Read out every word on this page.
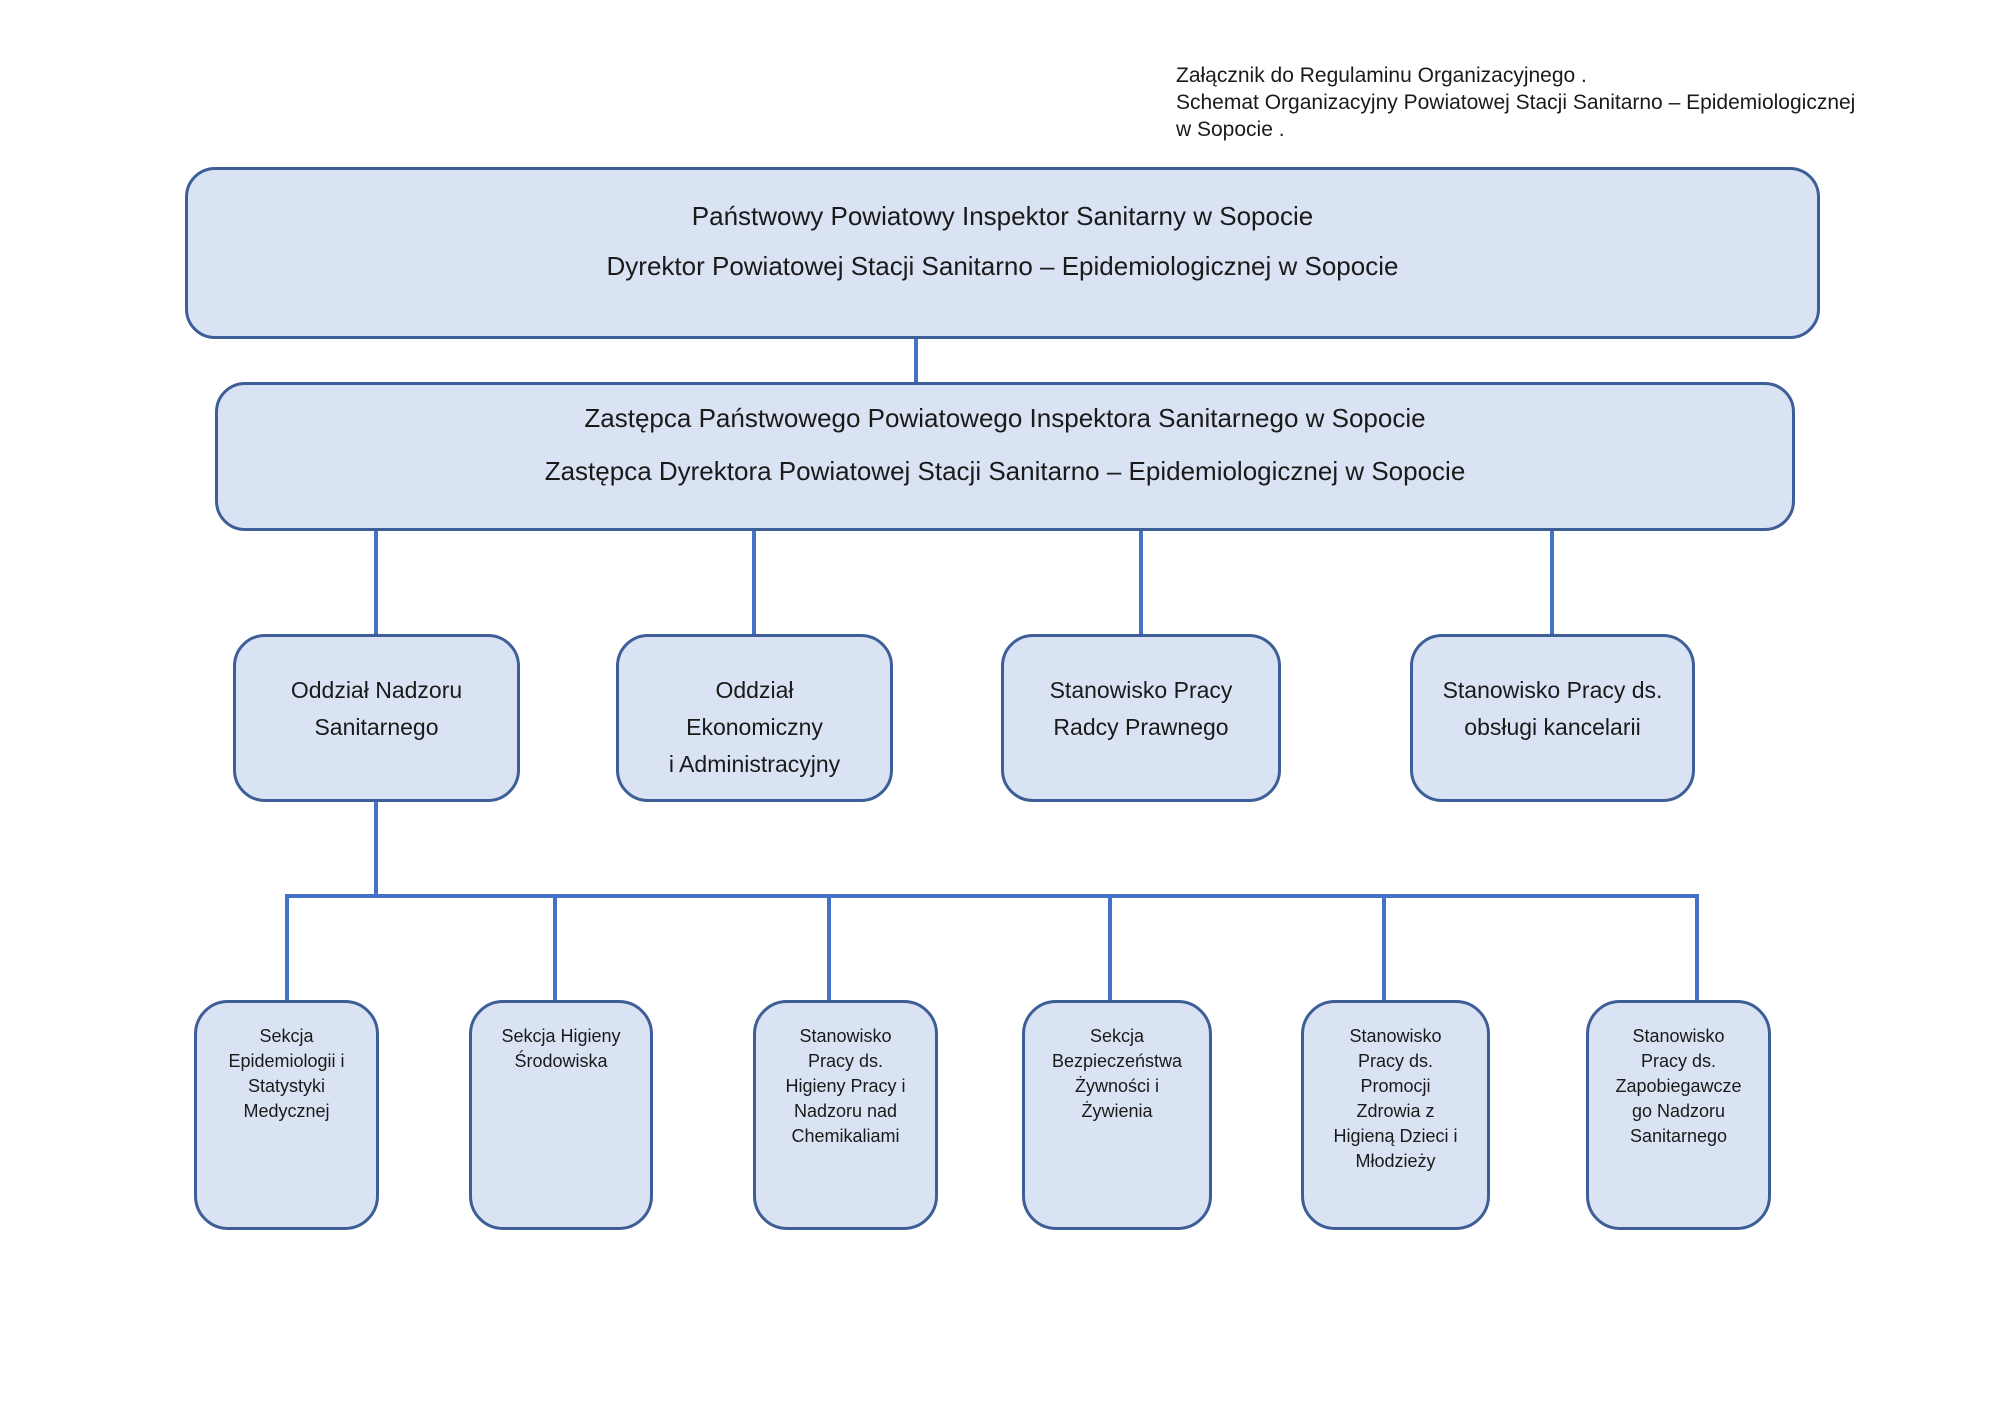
Załącznik do Regulaminu Organizacyjnego .
Schemat Organizacyjny Powiatowej Stacji Sanitarno – Epidemiologicznej
w Sopocie .
Państwowy Powiatowy Inspektor Sanitarny w Sopocie
Dyrektor Powiatowej Stacji Sanitarno – Epidemiologicznej w Sopocie
Zastępca Państwowego Powiatowego Inspektora Sanitarnego w Sopocie
Zastępca Dyrektora Powiatowej Stacji Sanitarno – Epidemiologicznej w Sopocie
Oddział Nadzoru
Sanitarnego
Oddział
Ekonomiczny
i Administracyjny
Stanowisko Pracy
Radcy Prawnego
Stanowisko Pracy ds.
obsługi kancelarii
Sekcja
Epidemiologii i
Statystyki
Medycznej
Sekcja Higieny
Środowiska
Stanowisko
Pracy ds.
Higieny Pracy i
Nadzoru nad
Chemikaliami
Sekcja
Bezpieczeństwa
Żywności i
Żywienia
Stanowisko
Pracy ds.
Promocji
Zdrowia z
Higieną Dzieci i
Młodzieży
Stanowisko
Pracy ds.
Zapobiegawcze
go Nadzoru
Sanitarnego
